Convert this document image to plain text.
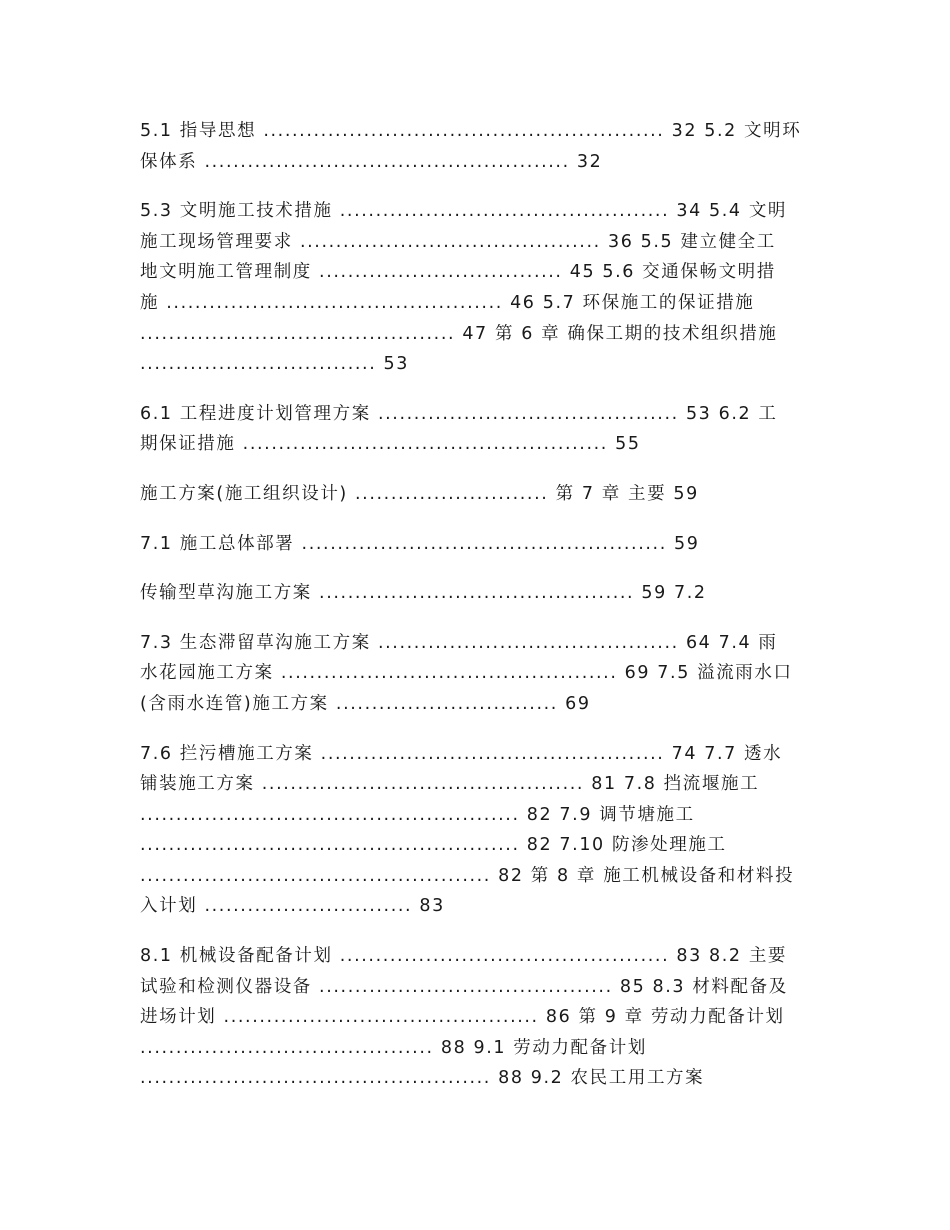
5.1 指导思想 ........................................................ 32 5.2 文明环
保体系 ................................................... 32
5.3 文明施工技术措施 .............................................. 34 5.4 文明
施工现场管理要求 .......................................... 36 5.5 建立健全工
地文明施工管理制度 .................................. 45 5.6 交通保畅文明措
施 ............................................... 46 5.7 环保施工的保证措施
............................................ 47 第 6 章 确保工期的技术组织措施
................................. 53
6.1 工程进度计划管理方案 .......................................... 53 6.2 工
期保证措施 ................................................... 55
施工方案(施工组织设计) ........................... 第 7 章 主要 59
7.1 施工总体部署 ................................................... 59
传输型草沟施工方案 ............................................ 59 7.2
7.3 生态滞留草沟施工方案 .......................................... 64 7.4 雨
水花园施工方案 ............................................... 69 7.5 溢流雨水口
(含雨水连管)施工方案 ............................... 69
7.6 拦污槽施工方案 ................................................ 74 7.7 透水
铺装施工方案 ............................................. 81 7.8 挡流堰施工
..................................................... 82 7.9 调节塘施工
..................................................... 82 7.10 防渗处理施工
................................................. 82 第 8 章 施工机械设备和材料投
入计划 ............................. 83
8.1 机械设备配备计划 .............................................. 83 8.2 主要
试验和检测仪器设备 ......................................... 85 8.3 材料配备及
进场计划 ............................................ 86 第 9 章 劳动力配备计划
......................................... 88 9.1 劳动力配备计划
................................................. 88 9.2 农民工用工方案
